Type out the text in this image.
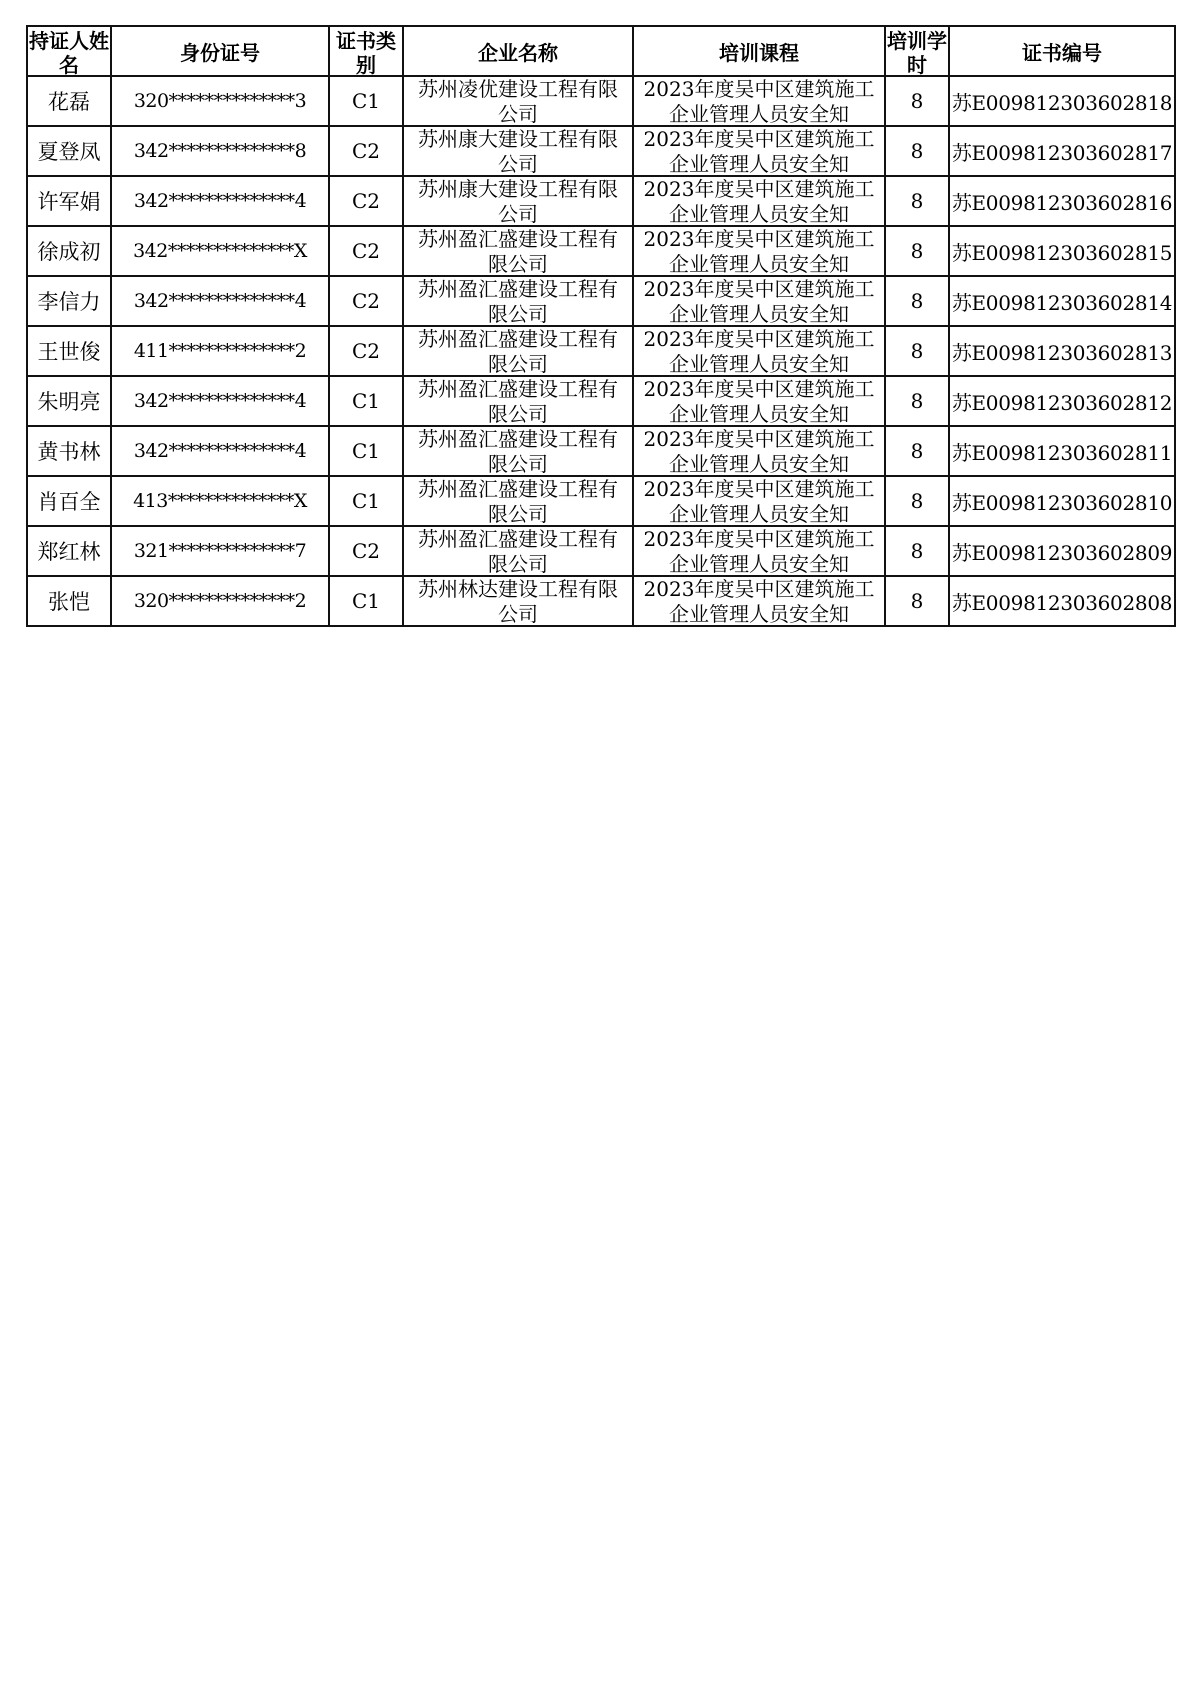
持证人姓名	身份证号	证书类别	企业名称	培训课程	培训学时	证书编号
花磊	320**************3	C1	苏州凌优建设工程有限公司	2023年度吴中区建筑施工企业管理人员安全知	8	苏E009812303602818
夏登凤	342**************8	C2	苏州康大建设工程有限公司	2023年度吴中区建筑施工企业管理人员安全知	8	苏E009812303602817
许军娟	342**************4	C2	苏州康大建设工程有限公司	2023年度吴中区建筑施工企业管理人员安全知	8	苏E009812303602816
徐成初	342**************X	C2	苏州盈汇盛建设工程有限公司	2023年度吴中区建筑施工企业管理人员安全知	8	苏E009812303602815
李信力	342**************4	C2	苏州盈汇盛建设工程有限公司	2023年度吴中区建筑施工企业管理人员安全知	8	苏E009812303602814
王世俊	411**************2	C2	苏州盈汇盛建设工程有限公司	2023年度吴中区建筑施工企业管理人员安全知	8	苏E009812303602813
朱明亮	342**************4	C1	苏州盈汇盛建设工程有限公司	2023年度吴中区建筑施工企业管理人员安全知	8	苏E009812303602812
黄书林	342**************4	C1	苏州盈汇盛建设工程有限公司	2023年度吴中区建筑施工企业管理人员安全知	8	苏E009812303602811
肖百全	413**************X	C1	苏州盈汇盛建设工程有限公司	2023年度吴中区建筑施工企业管理人员安全知	8	苏E009812303602810
郑红林	321**************7	C2	苏州盈汇盛建设工程有限公司	2023年度吴中区建筑施工企业管理人员安全知	8	苏E009812303602809
张恺	320**************2	C1	苏州林达建设工程有限公司	2023年度吴中区建筑施工企业管理人员安全知	8	苏E009812303602808
